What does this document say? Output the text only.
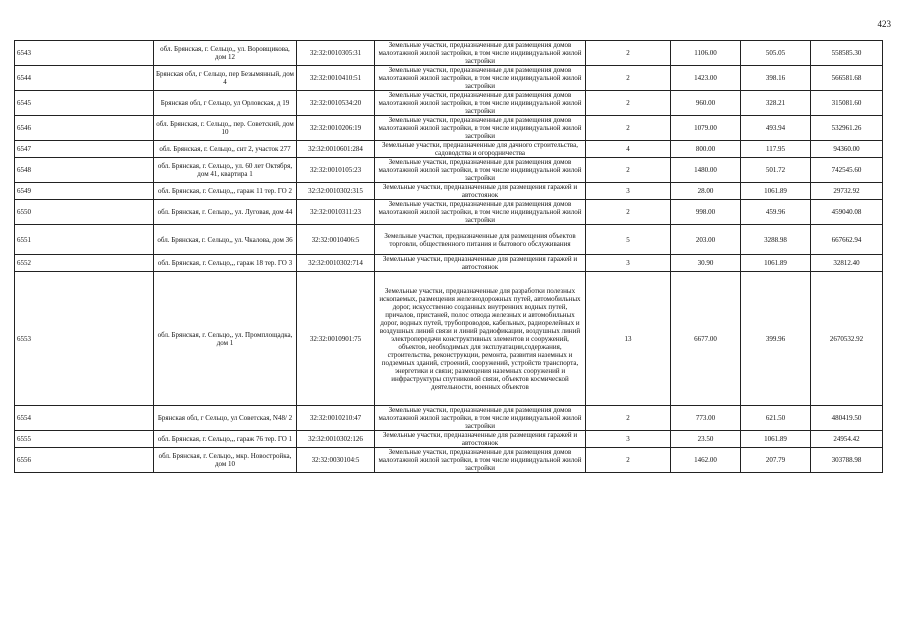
423
6543	обл. Брянская, г. Сельцо,, ул. Воровщикова, дом 12	32:32:0010305:31	Земельные участки, предназначенные для размещения домов малоэтажной жилой застройки, в том числе индивидуальной жилой застройки	2	1106.00	505.05	558585.30
6544	Брянская обл, г Сельцо, пер Безымянный, дом 4	32:32:0010410:51	Земельные участки, предназначенные для размещения домов малоэтажной жилой застройки, в том числе индивидуальной жилой застройки	2	1423.00	398.16	566581.68
6545	Брянская обл, г Сельцо, ул Орловская, д 19	32:32:0010534:20	Земельные участки, предназначенные для размещения домов малоэтажной жилой застройки, в том числе индивидуальной жилой застройки	2	960.00	328.21	315081.60
6546	обл. Брянская, г. Сельцо,, пер. Советский, дом 10	32:32:0010206:19	Земельные участки, предназначенные для размещения домов малоэтажной жилой застройки, в том числе индивидуальной жилой застройки	2	1079.00	493.94	532961.26
6547	обл. Брянская, г. Сельцо,, снт 2, участок 277	32:32:0010601:284	Земельные участки, предназначенные для дачного строительства, садоводства и огородничества	4	800.00	117.95	94360.00
6548	обл. Брянская, г. Сельцо,, ул. 60 лет Октября, дом 41, квартира 1	32:32:0010105:23	Земельные участки, предназначенные для размещения домов малоэтажной жилой застройки, в том числе индивидуальной жилой застройки	2	1480.00	501.72	742545.60
6549	обл. Брянская, г. Сельцо,,, гараж 11 тер. ГО 2	32:32:0010302:315	Земельные участки, предназначенные для размещения гаражей и автостоянок	3	28.00	1061.89	29732.92
6550	обл. Брянская, г. Сельцо,, ул. Луговая, дом 44	32:32:0010311:23	Земельные участки, предназначенные для размещения домов малоэтажной жилой застройки, в том числе индивидуальной жилой застройки	2	998.00	459.96	459040.08
6551	обл. Брянская, г. Сельцо,, ул. Чкалова, дом 36	32:32:0010406:5	Земельные участки, предназначенные для размещения объектов торговли, общественного питания и бытового обслуживания	5	203.00	3288.98	667662.94
6552	обл. Брянская, г. Сельцо,,, гараж 18 тер. ГО 3	32:32:0010302:714	Земельные участки, предназначенные для размещения гаражей и автостоянок	3	30.90	1061.89	32812.40
6553	обл. Брянская, г. Сельцо,, ул. Промплощадка, дом 1	32:32:0010901:75	Земельные участки, предназначенные для разработки полезных ископаемых, размещения железнодорожных путей, автомобильных дорог, искусственно созданных внутренних водных путей, причалов, пристаней, полос отвода железных и автомобильных дорог, водных путей, трубопроводов, кабельных, радиорелейных и воздушных линий связи и линий радиофикации, воздушных линий электропередачи конструктивных элементов и сооружений, объектов, необходимых для эксплуатации,содержания, строительства, реконструкции, ремонта, развития наземных и подземных зданий, строений, сооружений, устройств транспорта, энергетики и связи; размещения наземных сооружений и инфраструктуры спутниковой связи, объектов космической деятельности, военных объектов	13	6677.00	399.96	2670532.92
6554	Брянская обл, г Сельцо, ул Советская, N48/ 2	32:32:0010210:47	Земельные участки, предназначенные для размещения домов малоэтажной жилой застройки, в том числе индивидуальной жилой застройки	2	773.00	621.50	480419.50
6555	обл. Брянская, г. Сельцо,,, гараж 76 тер. ГО 1	32:32:0010302:126	Земельные участки, предназначенные для размещения гаражей и автостоянок	3	23.50	1061.89	24954.42
6556	обл. Брянская, г. Сельцо,, мкр. Новостройка, дом 10	32:32:0030104:5	Земельные участки, предназначенные для размещения домов малоэтажной жилой застройки, в том числе индивидуальной жилой застройки	2	1462.00	207.79	303788.98
